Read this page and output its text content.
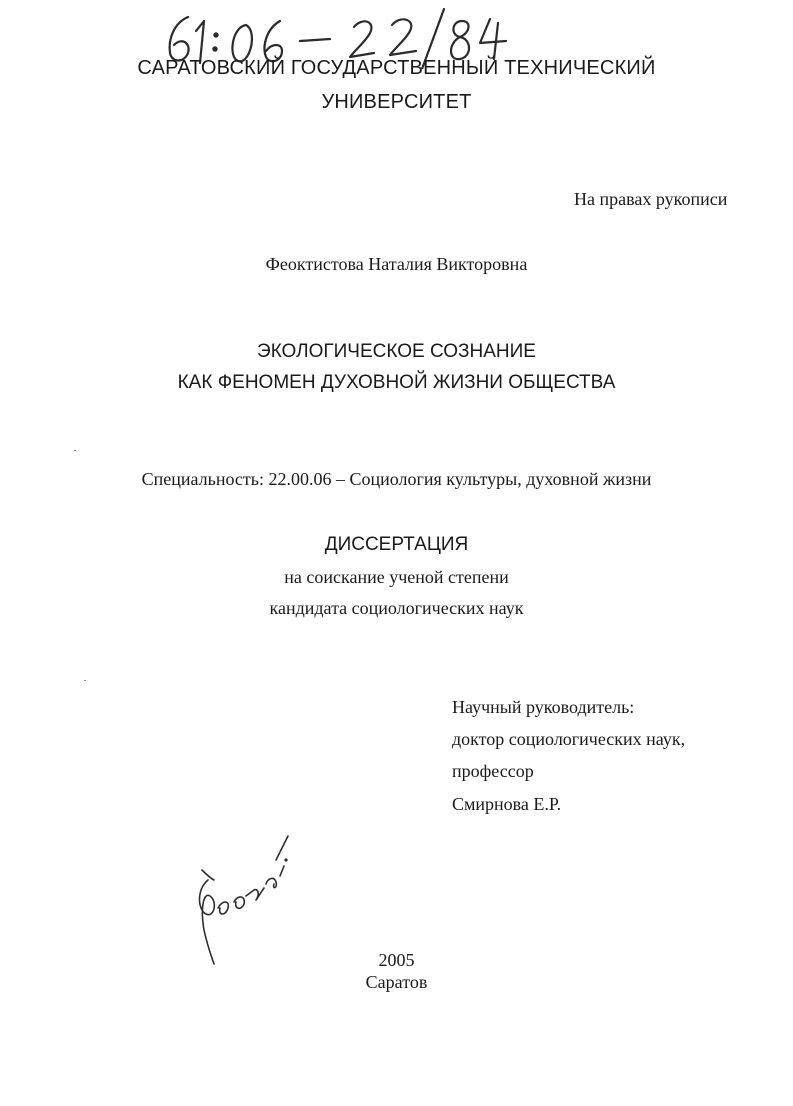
САРАТОВСКИЙ ГОСУДАРСТВЕННЫЙ ТЕХНИЧЕСКИЙ

УНИВЕРСИТЕТ

На правах рукописи

Феоктистова Наталия Викторовна

ЭКОЛОГИЧЕСКОЕ СОЗНАНИЕ

КАК ФЕНОМЕН ДУХОВНОЙ ЖИЗНИ ОБЩЕСТВА

Специальность: 22.00.06 – Социология культуры, духовной жизни

ДИССЕРТАЦИЯ

на соискание ученой степени

кандидата социологических наук

Научный руководитель:

доктор социологических наук,

профессор

Смирнова Е.Р.

2005

Саратов
